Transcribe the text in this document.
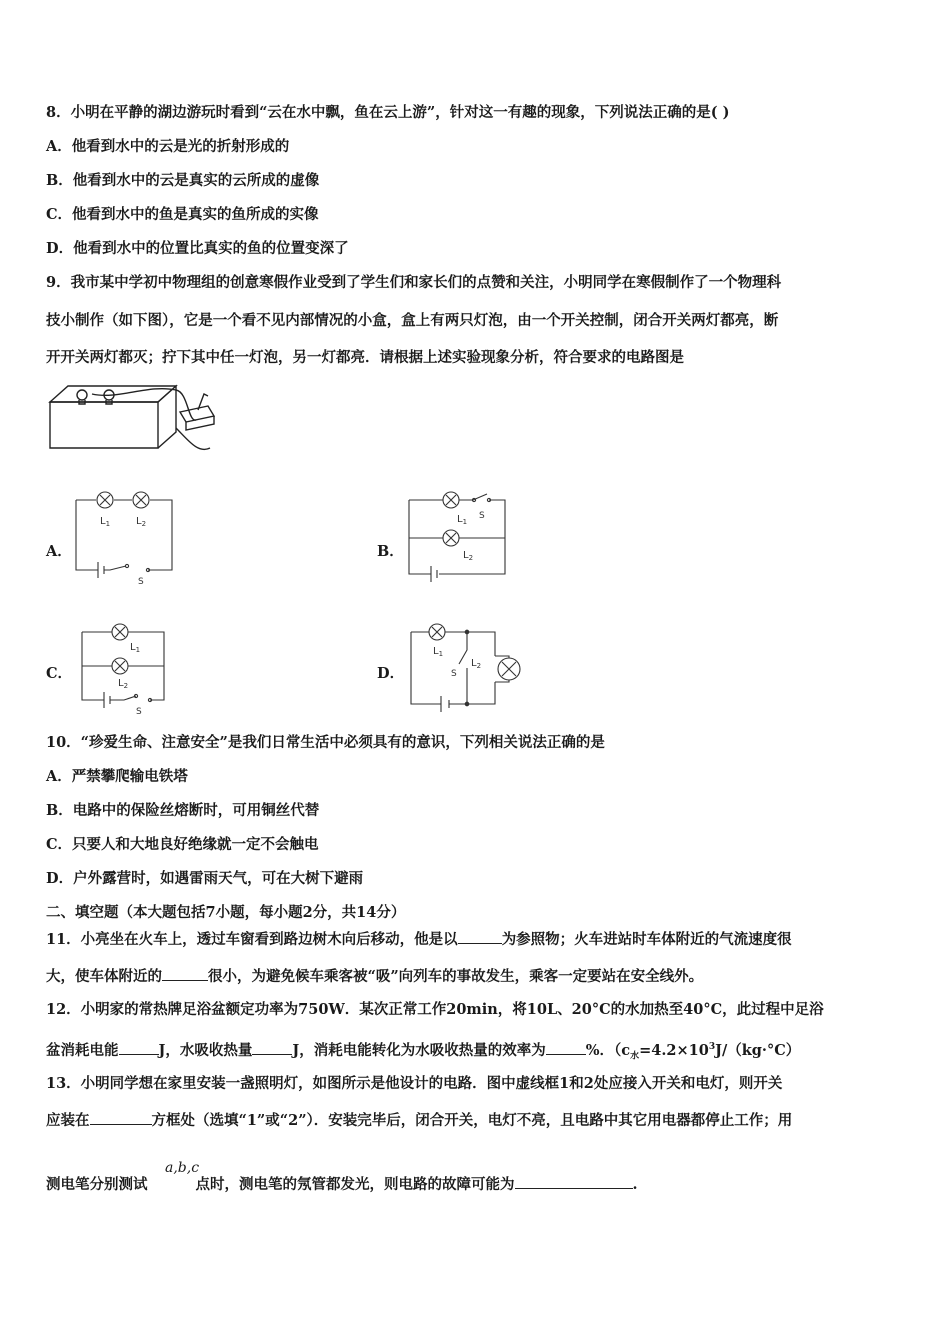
8．小明在平静的湖边游玩时看到“云在水中飘，鱼在云上游”，针对这一有趣的现象，下列说法正确的是( )
A．他看到水中的云是光的折射形成的
B．他看到水中的云是真实的云所成的虚像
C．他看到水中的鱼是真实的鱼所成的实像
D．他看到水中的位置比真实的鱼的位置变深了
9．我市某中学初中物理组的创意寒假作业受到了学生们和家长们的点赞和关注，小明同学在寒假制作了一个物理科
技小制作（如下图），它是一个看不见内部情况的小盒，盒上有两只灯泡，由一个开关控制，闭合开关两灯都亮，断
开开关两灯都灭；拧下其中任一灯泡，另一灯都亮．请根据上述实验现象分析，符合要求的电路图是
A．	B．
C．	D．
$L_1$	$L_2$
S
$L_1$
S
$L_2$
$L_1$
$L_2$
S
$L_1$
S
$L_2$
10．“珍爱生命、注意安全”是我们日常生活中必须具有的意识，下列相关说法正确的是
A．严禁攀爬输电铁塔
B．电路中的保险丝熔断时，可用铜丝代替
C．只要人和大地良好绝缘就一定不会触电
D．户外露营时，如遇雷雨天气，可在大树下避雨
二、填空题（本大题包括7小题，每小题2分，共14分）
11．小亮坐在火车上，透过车窗看到路边树木向后移动，他是以	为参照物；火车进站时车体附近的气流速度很
大，使车体附近的	很小，为避免候车乘客被“吸”向列车的事故发生，乘客一定要站在安全线外。
12．小明家的常热牌足浴盆额定功率为750W．某次正常工作20min，将10L、20°C的水加热至40°C，此过程中足浴
盆消耗电能	J，水吸收热量	J，消耗电能转化为水吸收热量的效率为	%．（$c_水=4.2\times 10^3J/(kg\cdot^\circ C)$
13．小明同学想在家里安装一盏照明灯，如图所示是他设计的电路．图中虚线框1和2处应接入开关和电灯，则开关
应装在	方框处（选填“1”或“2”）．安装完毕后，闭合开关，电灯不亮，且电路中其它用电器都停止工作；用
a,b,c
测电笔分别测试	点时，测电笔的氖管都发光，则电路的故障可能为	.
